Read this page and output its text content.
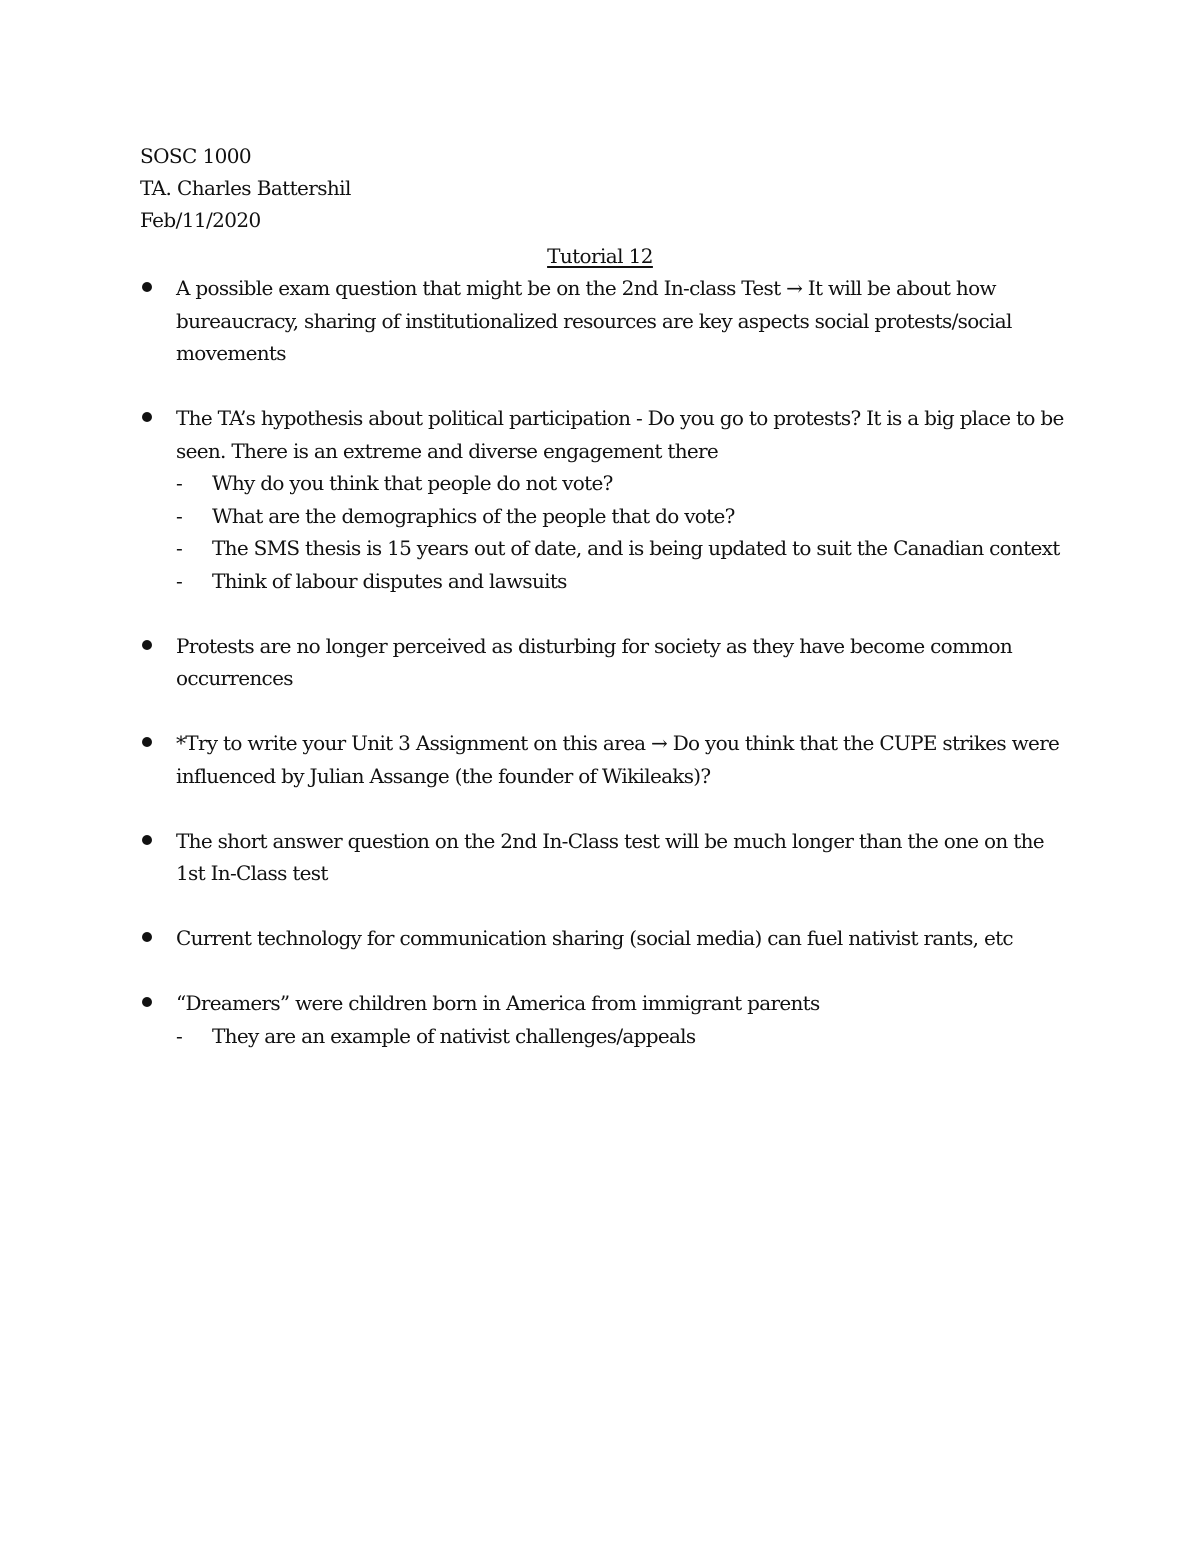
SOSC 1000
TA. Charles Battershil
Feb/11/2020
Tutorial 12
A possible exam question that might be on the 2nd In-class Test → It will be about how bureaucracy, sharing of institutionalized resources are key aspects social protests/social movements
The TA’s hypothesis about political participation - Do you go to protests? It is a big place to be seen. There is an extreme and diverse engagement there
- Why do you think that people do not vote?
- What are the demographics of the people that do vote?
- The SMS thesis is 15 years out of date, and is being updated to suit the Canadian context
- Think of labour disputes and lawsuits
Protests are no longer perceived as disturbing for society as they have become common occurrences
*Try to write your Unit 3 Assignment on this area → Do you think that the CUPE strikes were influenced by Julian Assange (the founder of Wikileaks)?
The short answer question on the 2nd In-Class test will be much longer than the one on the 1st In-Class test
Current technology for communication sharing (social media) can fuel nativist rants, etc
“Dreamers” were children born in America from immigrant parents
- They are an example of nativist challenges/appeals
